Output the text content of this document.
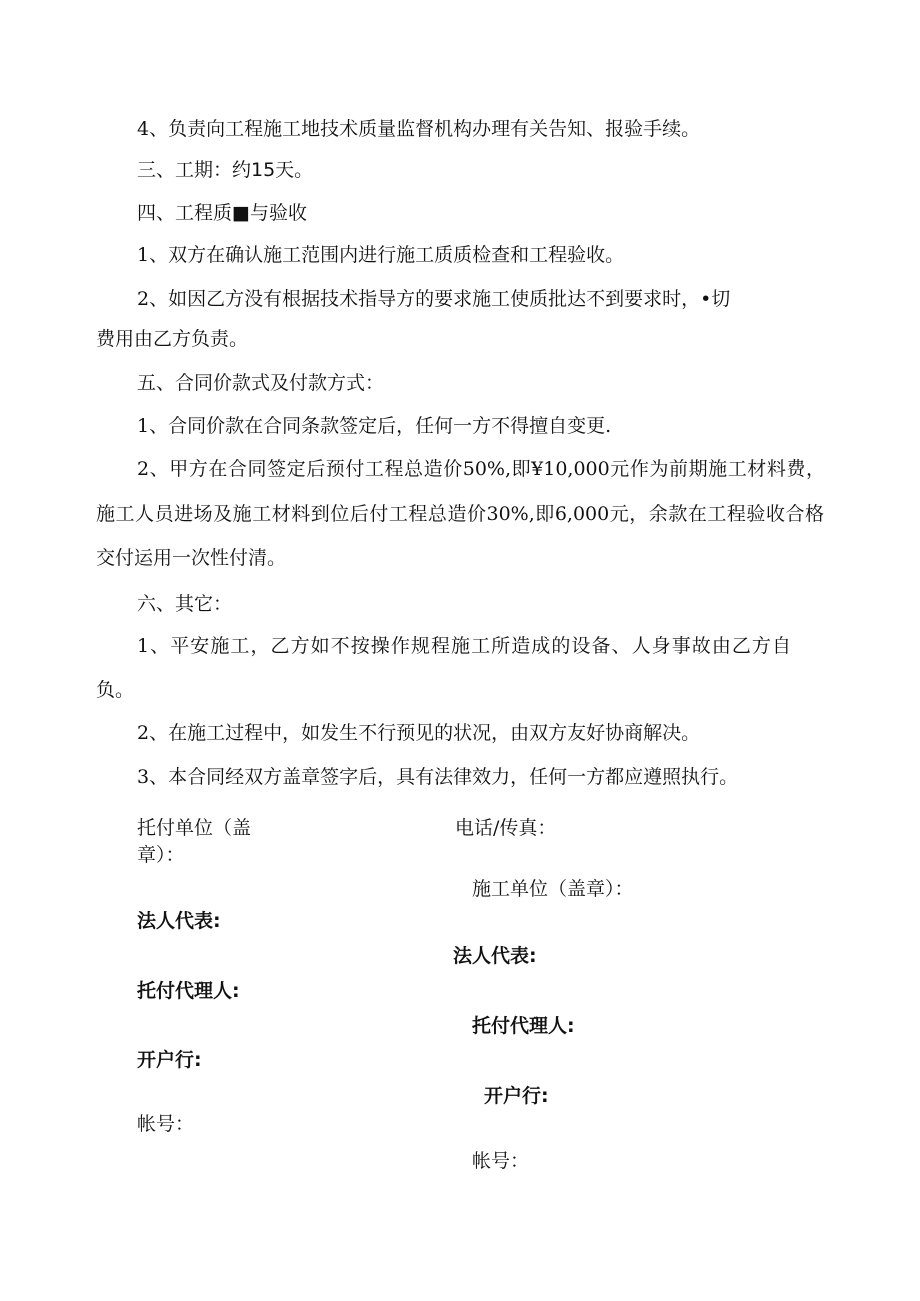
4、负责向工程施工地技术质量监督机构办理有关告知、报验手续。
三、工期：约15天。
四、工程质■与验收
1、双方在确认施工范围内进行施工质质检查和工程验收。
2、如因乙方没有根据技术指导方的要求施工使质批达不到要求时，•切
费用由乙方负责。
五、合同价款式及付款方式：
1、合同价款在合同条款签定后，任何一方不得擅自变更.
2、甲方在合同签定后预付工程总造价50%,即¥10,000元作为前期施工材料费，
施工人员进场及施工材料到位后付工程总造价30%,即6,000元，余款在工程验收合格
交付运用一次性付清。
六、其它：
1、平安施工，乙方如不按操作规程施工所造成的设备、人身事故由乙方自
负。
2、在施工过程中，如发生不行预见的状况，由双方友好协商解决。
3、本合同经双方盖章签字后，具有法律效力，任何一方都应遵照执行。
托付单位（盖
章）：
法人代表:
托付代理人:
开户行:
帐号：
电话/传真：
施工单位（盖章）：
法人代表:
托付代理人:
开户行:
帐号：
